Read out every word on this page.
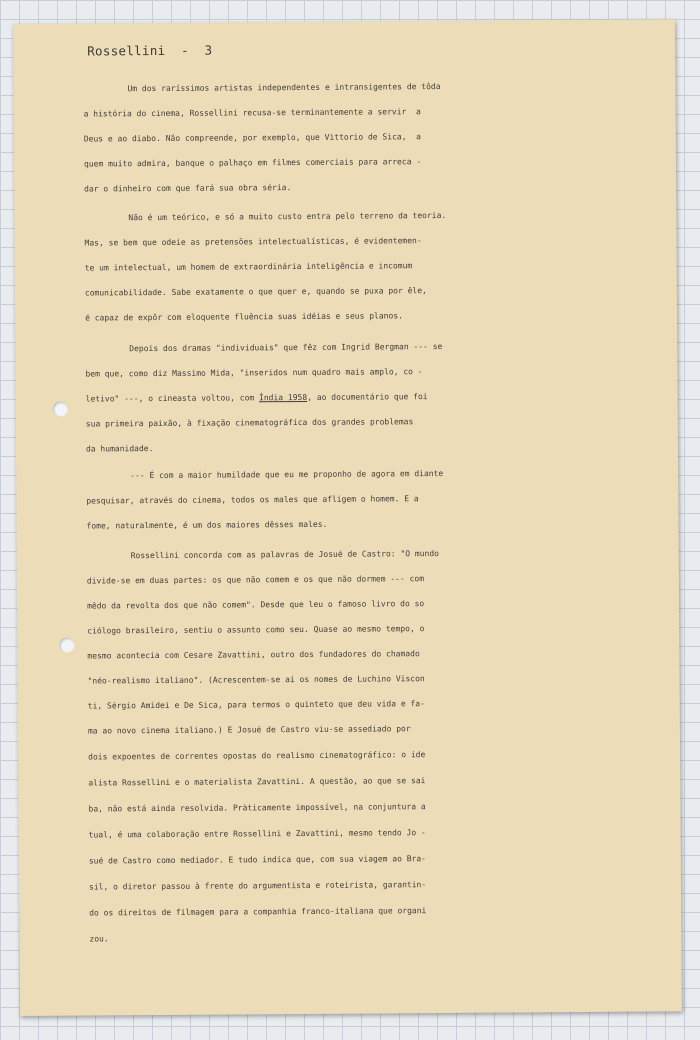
Rossellini  -  3
Um dos raríssimos artistas independentes e intransigentes de tôda
a história do cinema, Rossellini recusa-se terminantemente a servir  a
Deus e ao diabo. Não compreende, por exemplo, que Vittorio de Sica,  a
quem muito admira, banque o palhaço em filmes comerciais para arreca -
dar o dinheiro com que fará sua obra séria.
Não é um teórico, e só a muito custo entra pelo terreno da teoria.
Mas, se bem que odeie as pretensões intelectualísticas, é evidentemen-
te um intelectual, um homem de extraordinária inteligência e incomum
comunicabilidade. Sabe exatamente o que quer e, quando se puxa por êle,
é capaz de expôr com eloquente fluência suas idéias e seus planos.
Depois dos dramas "individuais" que fêz com Ingrid Bergman --- se
bem que, como diz Massimo Mida, "inseridos num quadro mais amplo, co -
letivo" ---, o cineasta voltou, com Índia 1958, ao documentário que foi
sua primeira paixão, à fixação cinematográfica dos grandes problemas
da humanidade.
--- É com a maior humildade que eu me proponho de agora em diante
pesquisar, através do cinema, todos os males que afligem o homem. E a
fome, naturalmente, é um dos maiores dêsses males.
Rossellini concorda com as palavras de Josué de Castro: "O mundo
divide-se em duas partes: os que não comem e os que não dormem --- com
mêdo da revolta dos que não comem". Desde que leu o famoso livro do so
ciólogo brasileiro, sentiu o assunto como seu. Quase ao mesmo tempo, o
mesmo acontecia com Cesare Zavattini, outro dos fundadores do chamado
"néo-realismo italiano". (Acrescentem-se aí os nomes de Luchino Viscon
ti, Sérgio Amidei e De Sica, para termos o quinteto que deu vida e fa-
ma ao novo cinema italiano.) E Josué de Castro viu-se assediado por
dois expoentes de correntes opostas do realismo cinematográfico: o ide
alista Rossellini e o materialista Zavattini. A questão, ao que se sai
ba, não está ainda resolvida. Pràticamente impossível, na conjuntura a
tual, é uma colaboração entre Rossellini e Zavattini, mesmo tendo Jo -
sué de Castro como mediador. E tudo indica que, com sua viagem ao Bra-
sil, o diretor passou à frente do argumentista e roteirista, garantin-
do os direitos de filmagem para a companhia franco-italiana que organi
zou.
